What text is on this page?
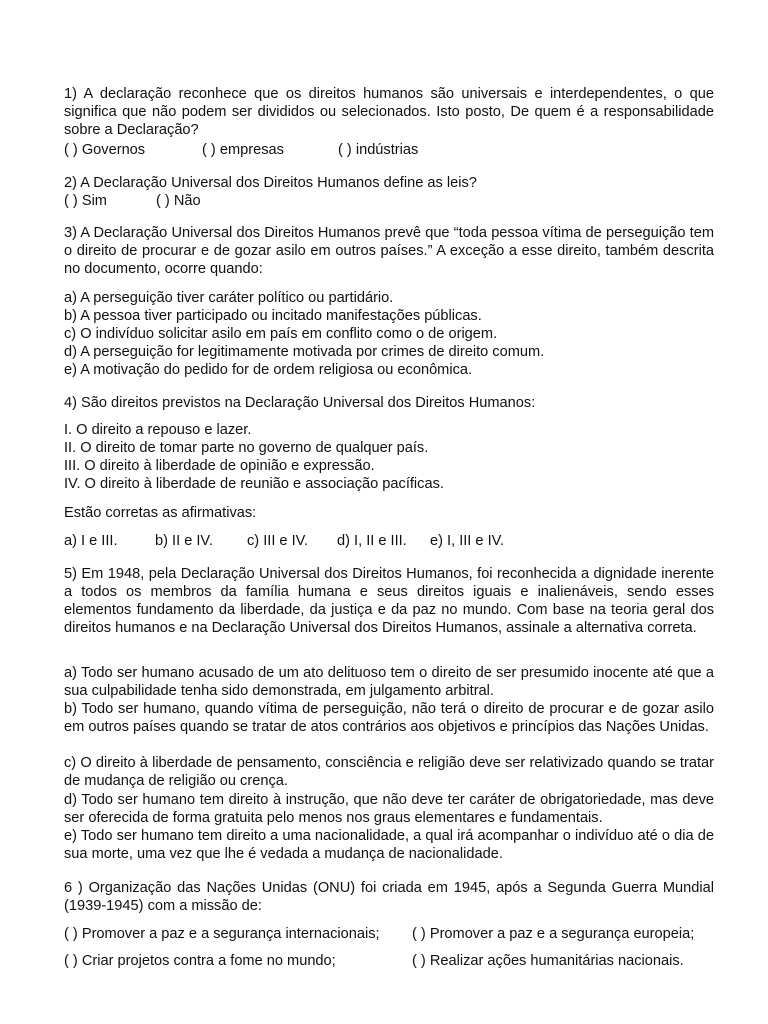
1) A declaração reconhece que os direitos humanos são universais e interdependentes, o que significa que não podem ser divididos ou selecionados. Isto posto, De quem é a responsabilidade sobre a Declaração?
( ) Governos	( ) empresas	( ) indústrias
2) A Declaração Universal dos Direitos Humanos define as leis?
( ) Sim	( ) Não
3) A Declaração Universal dos Direitos Humanos prevê que “toda pessoa vítima de perseguição tem o direito de procurar e de gozar asilo em outros países.” A exceção a esse direito, também descrita no documento, ocorre quando:
a) A perseguição tiver caráter político ou partidário.
b) A pessoa tiver participado ou incitado manifestações públicas.
c) O indivíduo solicitar asilo em país em conflito como o de origem.
d) A perseguição for legitimamente motivada por crimes de direito comum.
e) A motivação do pedido for de ordem religiosa ou econômica.
4) São direitos previstos na Declaração Universal dos Direitos Humanos:
I. O direito a repouso e lazer.
II. O direito de tomar parte no governo de qualquer país.
III. O direito à liberdade de opinião e expressão.
IV. O direito à liberdade de reunião e associação pacíficas.
Estão corretas as afirmativas:
a) I e III.	b) II e IV. c) III e IV. d) I, II e III. e) I, III e IV.
5) Em 1948, pela Declaração Universal dos Direitos Humanos, foi reconhecida a dignidade inerente a todos os membros da família humana e seus direitos iguais e inalienáveis, sendo esses elementos fundamento da liberdade, da justiça e da paz no mundo. Com base na teoria geral dos direitos humanos e na Declaração Universal dos Direitos Humanos, assinale a alternativa correta.
a) Todo ser humano acusado de um ato delituoso tem o direito de ser presumido inocente até que a sua culpabilidade tenha sido demonstrada, em julgamento arbitral.
b) Todo ser humano, quando vítima de perseguição, não terá o direito de procurar e de gozar asilo em outros países quando se tratar de atos contrários aos objetivos e princípios das Nações Unidas.
c) O direito à liberdade de pensamento, consciência e religião deve ser relativizado quando se tratar de mudança de religião ou crença.
d) Todo ser humano tem direito à instrução, que não deve ter caráter de obrigatoriedade, mas deve ser oferecida de forma gratuita pelo menos nos graus elementares e fundamentais.
e) Todo ser humano tem direito a uma nacionalidade, a qual irá acompanhar o indivíduo até o dia de sua morte, uma vez que lhe é vedada a mudança de nacionalidade.
6 ) Organização das Nações Unidas (ONU) foi criada em 1945, após a Segunda Guerra Mundial (1939-1945) com a missão de:
( ) Promover a paz e a segurança internacionais; ( ) Promover a paz e a segurança europeia;
( ) Criar projetos contra a fome no mundo;	( ) Realizar ações humanitárias nacionais.
